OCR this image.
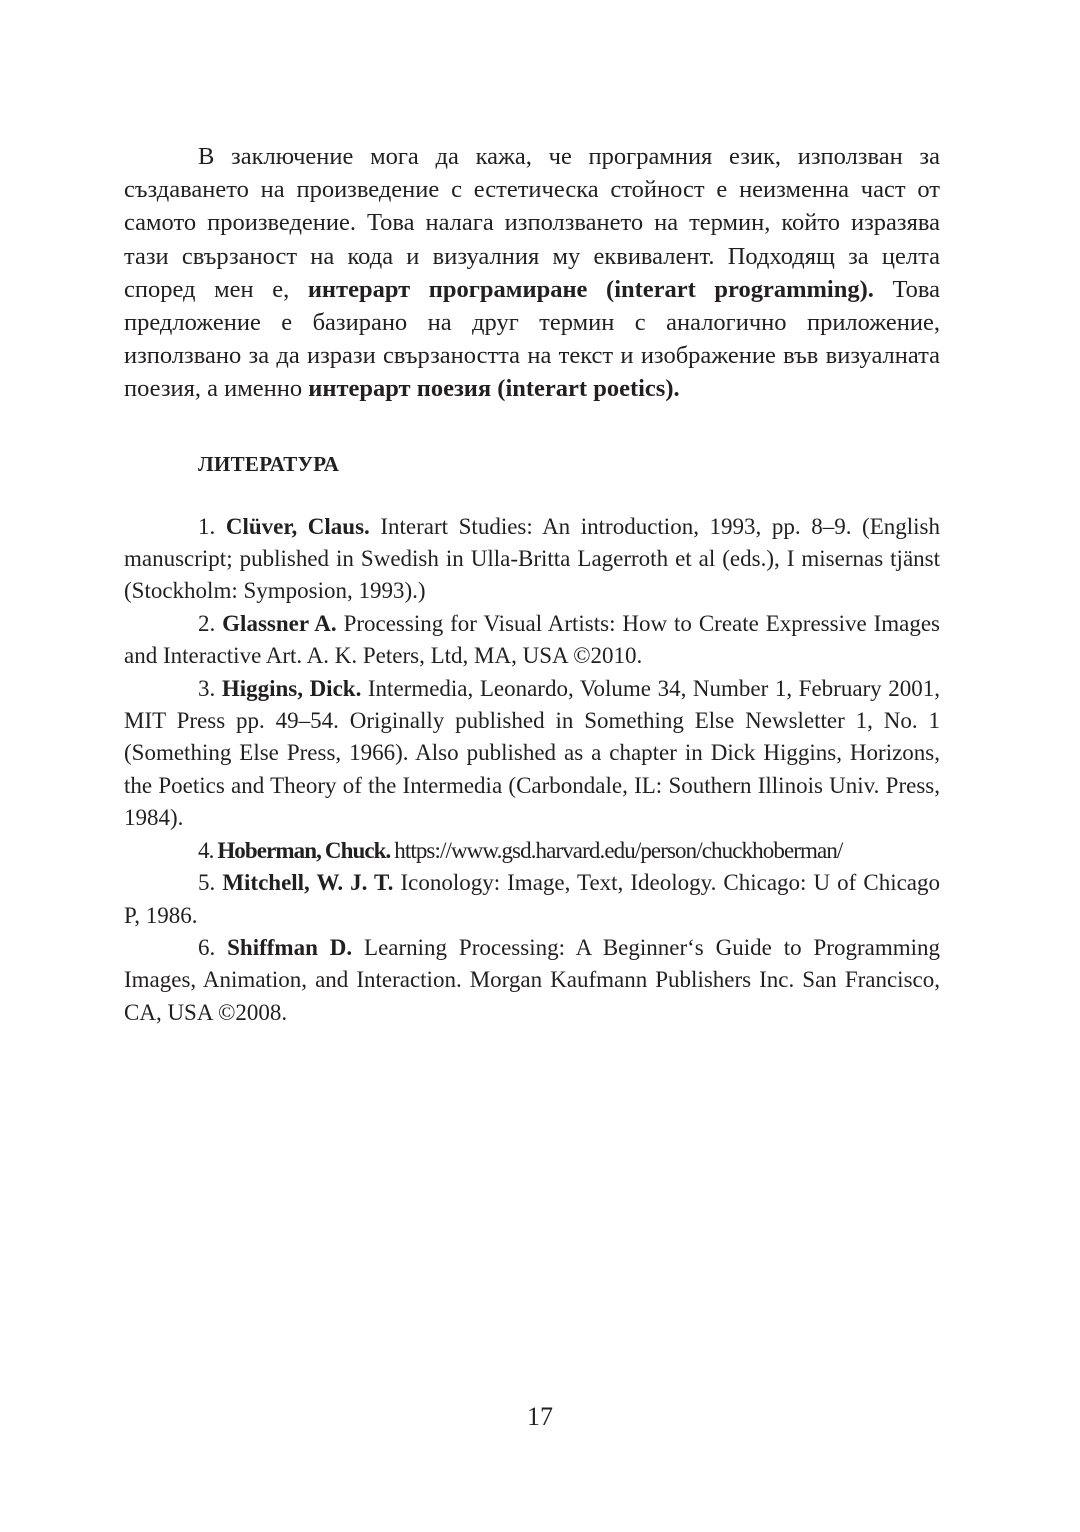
В заключение мога да кажа, че програмния език, използван за създаването на произведение с естетическа стойност е неизменна част от самото произведение. Това налага използването на термин, който изразява тази свързаност на кода и визуалния му еквивалент. Подходящ за целта според мен е, интерарт програмиране (interart programming). Това предложение е базирано на друг термин с аналогично приложение, използвано за да изрази свързаността на текст и изображение във визуалната поезия, а именно интерарт поезия (interart poetics).

ЛИТЕРАТУРА

1. Clüver, Claus. Interart Studies: An introduction, 1993, pp. 8–9. (English manuscript; published in Swedish in Ulla-Britta Lagerroth et al (eds.), I misernas tjänst (Stockholm: Symposion, 1993).)

2. Glassner A. Processing for Visual Artists: How to Create Expressive Images and Interactive Art. A. K. Peters, Ltd, MA, USA ©2010.

3. Higgins, Dick. Intermedia, Leonardo, Volume 34, Number 1, February 2001, MIT Press pp. 49–54. Originally published in Something Else Newsletter 1, No. 1 (Something Else Press, 1966). Also published as a chapter in Dick Higgins, Horizons, the Poetics and Theory of the Intermedia (Carbondale, IL: Southern Illinois Univ. Press, 1984).

4. Hoberman, Chuck. https://www.gsd.harvard.edu/person/chuckhoberman/

5. Mitchell, W. J. T. Iconology: Image, Text, Ideology. Chicago: U of Chicago P, 1986.

6. Shiffman D. Learning Processing: A Beginner‘s Guide to Programming Images, Animation, and Interaction. Morgan Kaufmann Publishers Inc. San Francisco, CA, USA ©2008.

17
